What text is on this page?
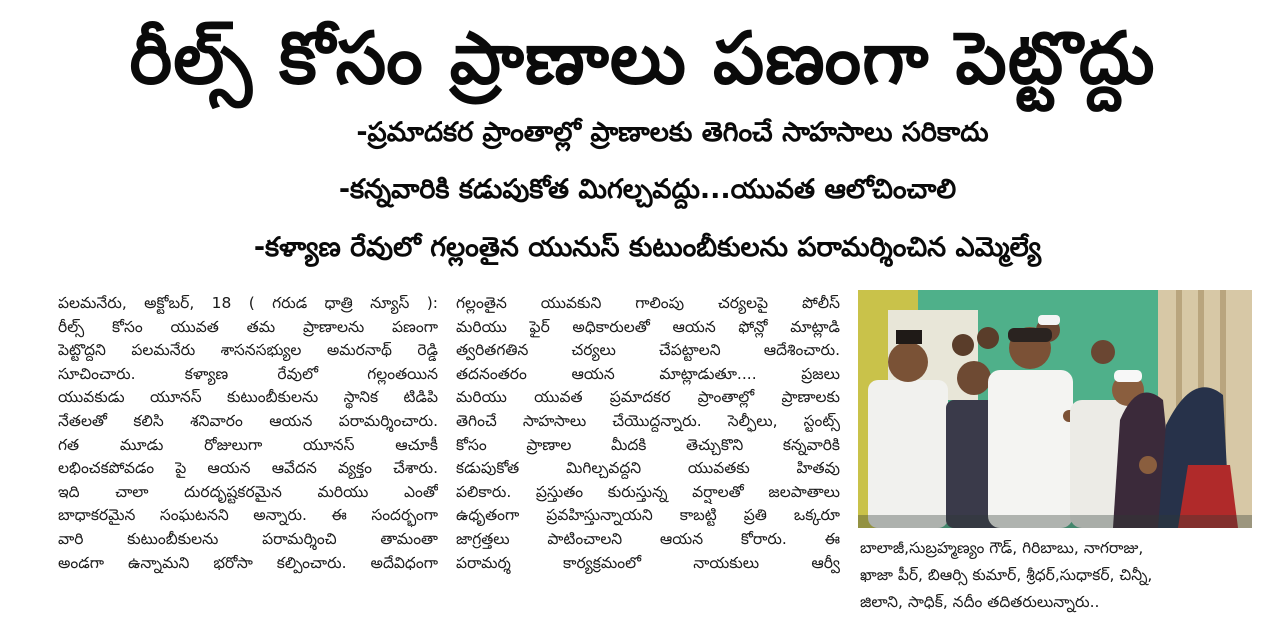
రీల్స్ కోసం ప్రాణాలు పణంగా పెట్టొద్దు
-ప్రమాదకర ప్రాంతాల్లో ప్రాణాలకు తెగించే సాహసాలు సరికాదు
-కన్నవారికి కడుపుకోత మిగల్చవద్దు...యువత ఆలోచించాలి
-కళ్యాణ రేవులో గల్లంతైన యునుస్ కుటుంబీకులను పరామర్శించిన ఎమ్మెల్యే
పలమనేరు, అక్టోబర్, 18 ( గరుడ ధాత్రి న్యూస్ ):
రీల్స్ కోసం యువత తమ ప్రాణాలను పణంగా
పెట్టొద్దని పలమనేరు శాసనసభ్యుల అమరనాథ్ రెడ్డి
సూచించారు. కళ్యాణ రేవులో గల్లంతయిన
యువకుడు యూనస్ కుటుంబీకులను స్థానిక టిడిపి
నేతలతో కలిసి శనివారం ఆయన పరామర్శించారు.
గత మూడు రోజులుగా యూనస్ ఆచూకీ
లభించకపోవడం పై ఆయన ఆవేదన వ్యక్తం చేశారు.
ఇది చాలా దురదృష్టకరమైన మరియు ఎంతో
బాధాకరమైన సంఘటనని అన్నారు. ఈ సందర్భంగా
వారి కుటుంబీకులను పరామర్శించి తామంతా
అండగా ఉన్నామని భరోసా కల్పించారు. అదేవిధంగా
గల్లంతైన యువకుని గాలింపు చర్యలపై పోలీస్
మరియు ఫైర్ అధికారులతో ఆయన ఫోన్లో మాట్లాడి
త్వరితగతిన చర్యలు చేపట్టాలని ఆదేశించారు.
తదనంతరం ఆయన మాట్లాడుతూ.... ప్రజలు
మరియు యువత ప్రమాదకర ప్రాంతాల్లో ప్రాణాలకు
తెగించే సాహసాలు చేయొద్దన్నారు. సెల్ఫీలు, స్టంట్స్
కోసం ప్రాణాల మీదకి తెచ్చుకొని కన్నవారికి
కడుపుకోత మిగిల్చవద్దని యువతకు హితవు
పలికారు. ప్రస్తుతం కురుస్తున్న వర్షాలతో జలపాతాలు
ఉధృతంగా ప్రవహిస్తున్నాయని కాబట్టి ప్రతి ఒక్కరూ
జాగ్రత్తలు పాటించాలని ఆయన కోరారు. ఈ
పరామర్శ కార్యక్రమంలో నాయకులు ఆర్వీ
బాలాజీ,సుబ్రహ్మణ్యం గౌడ్, గిరిబాబు, నాగరాజు,
ఖాజా పీర్, బిఆర్సి కుమార్, శ్రీధర్,సుధాకర్, చిన్నీ,
జిలాని, సాధిక్, నదీం తదితరులున్నారు..
